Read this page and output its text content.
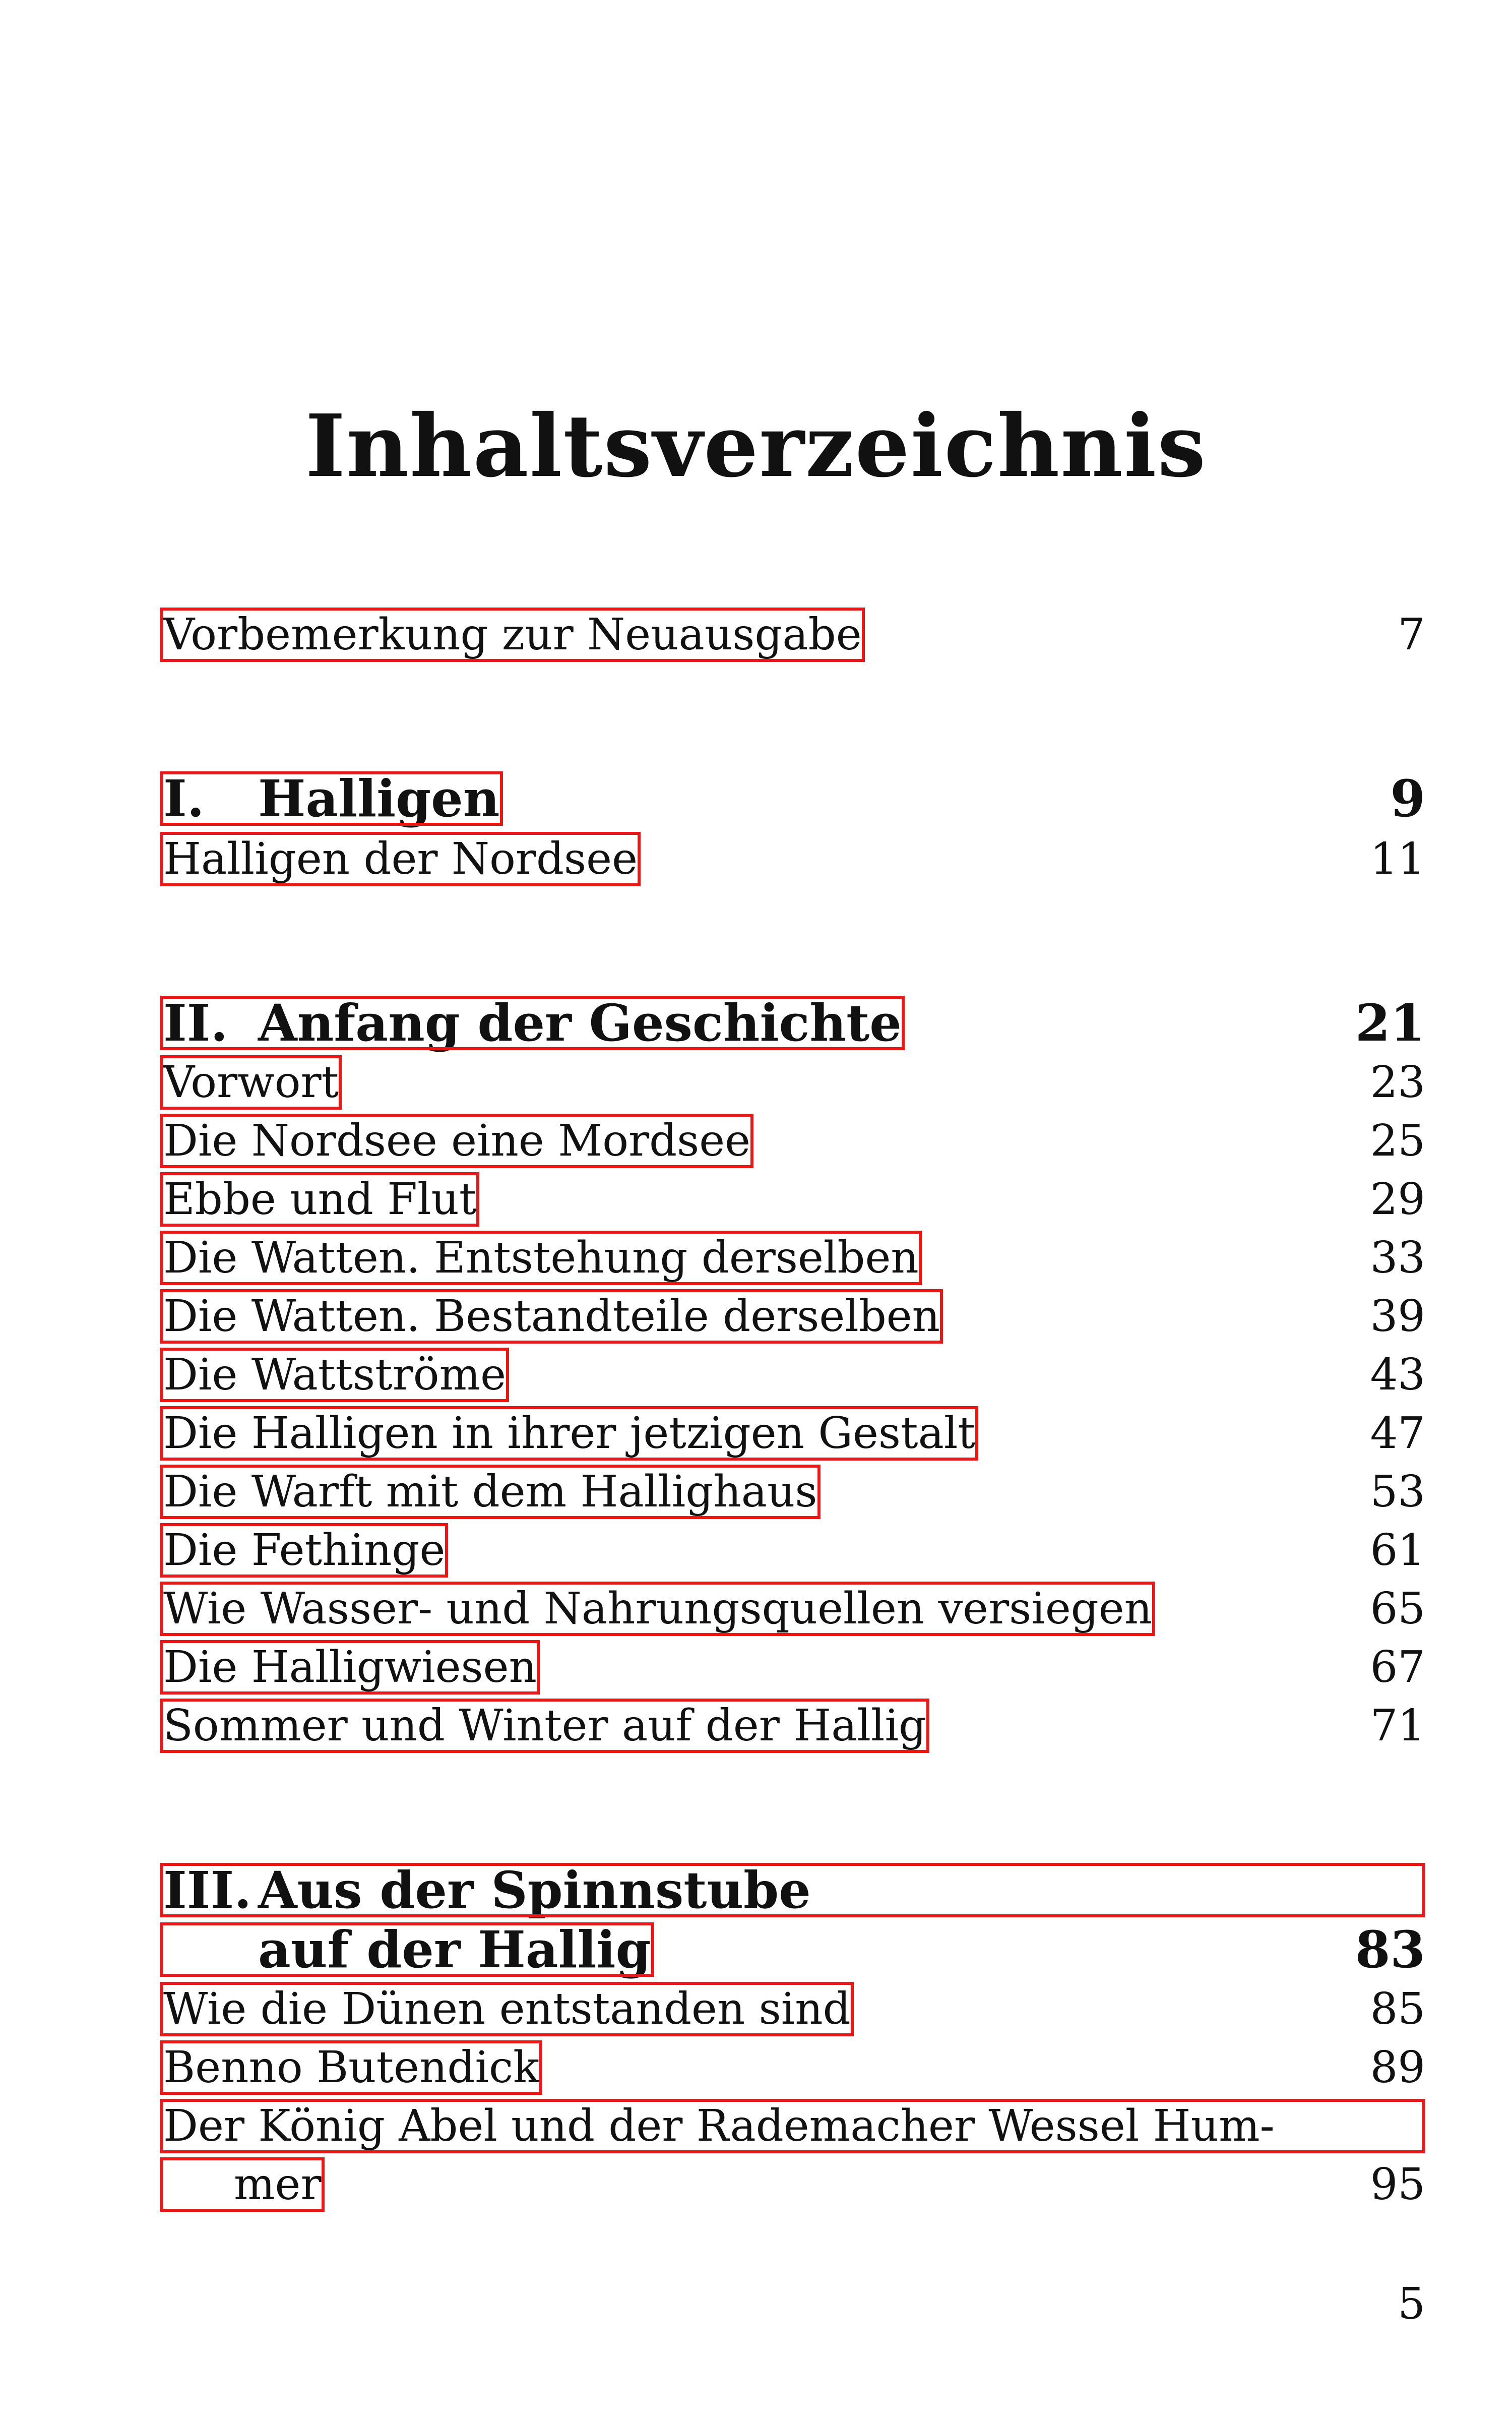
Inhaltsverzeichnis
Vorbemerkung zur Neuausgabe	7
I.	Halligen	9
Halligen der Nordsee	11
II. Anfang der Geschichte	21
Vorwort	23
Die Nordsee eine Mordsee	25
Ebbe und Flut	29
Die Watten. Entstehung derselben	33
Die Watten. Bestandteile derselben	39
Die Wattströme	43
Die Halligen in ihrer jetzigen Gestalt	47
Die Warft mit dem Hallighaus	53
Die Fethinge	61
Wie Wasser- und Nahrungsquellen versiegen	65
Die Halligwiesen	67
Sommer und Winter auf der Hallig	71
III. Aus der Spinnstube
auf der Hallig	83
Wie die Dünen entstanden sind	85
Benno Butendick	89
Der König Abel und der Rademacher Wessel Hum-
mer	95
5
